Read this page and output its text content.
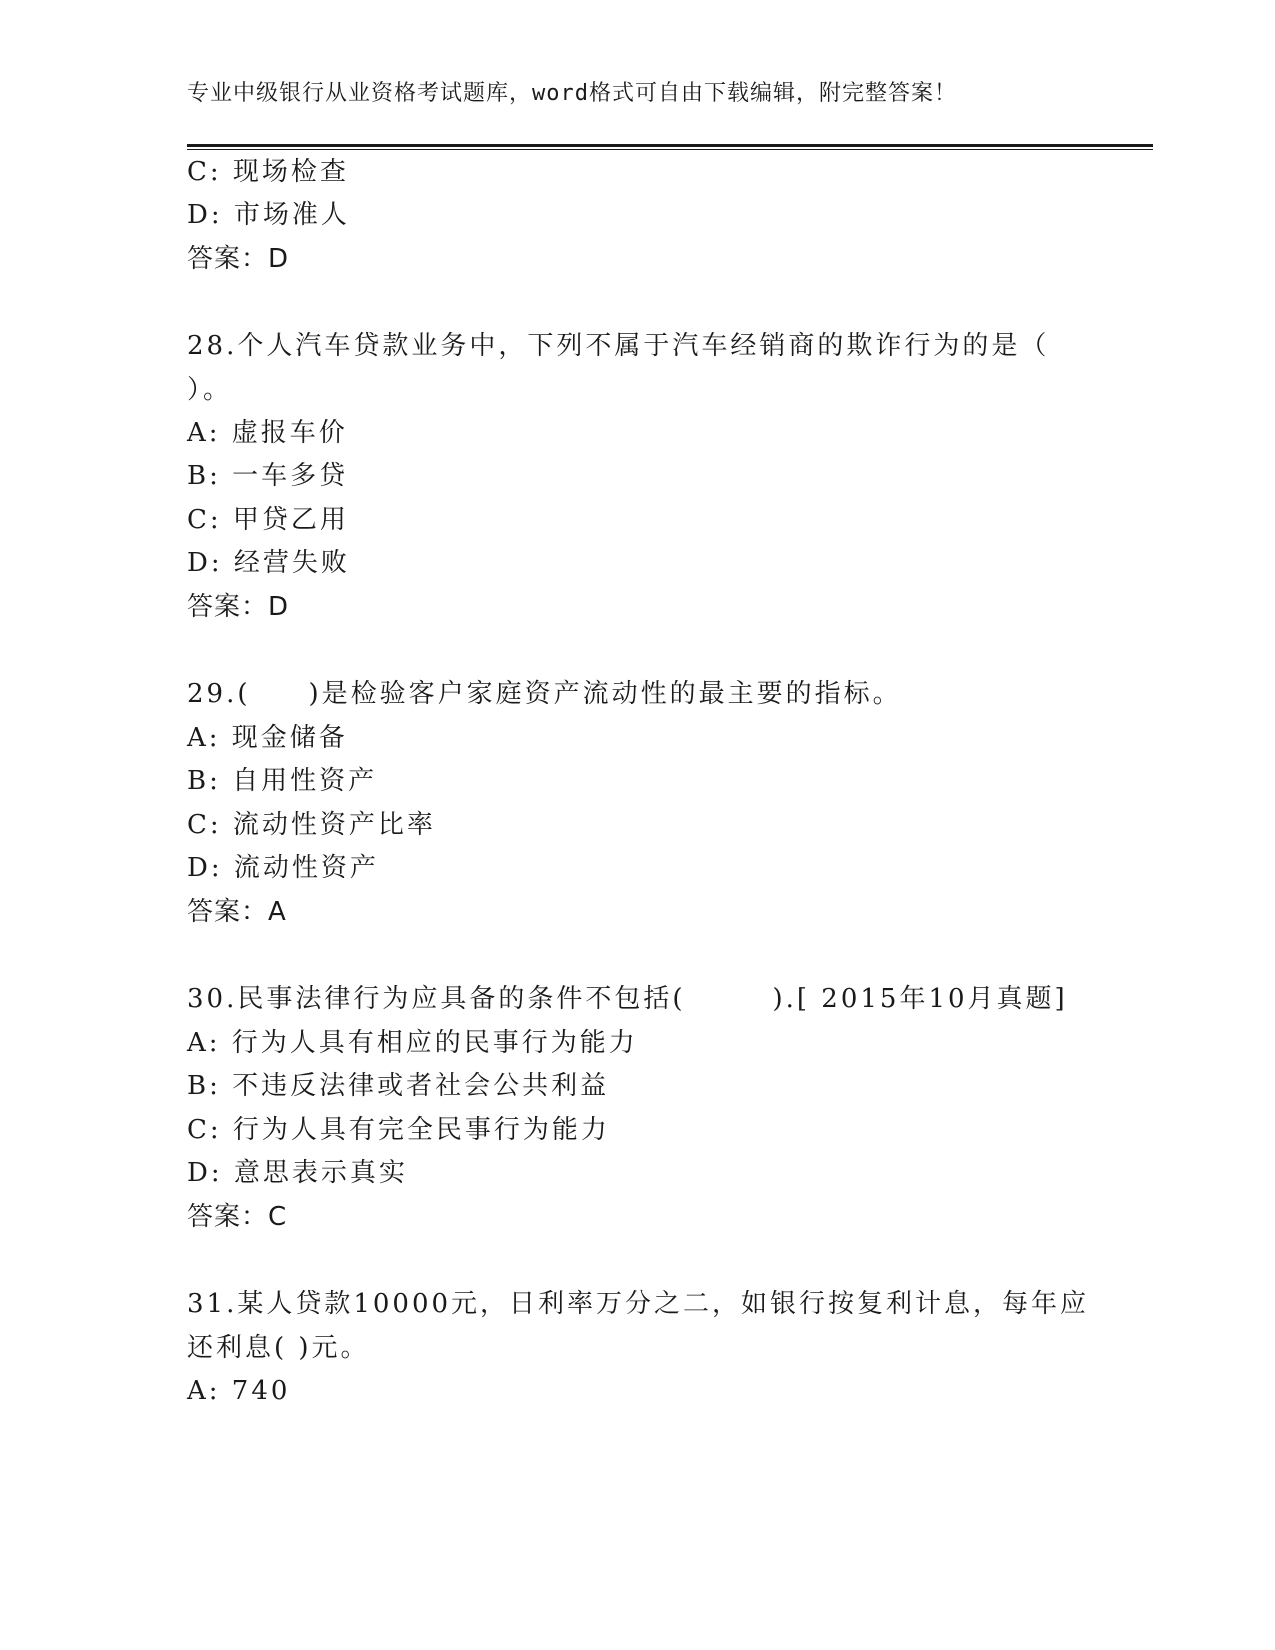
专业中级银行从业资格考试题库，word格式可自由下载编辑，附完整答案！
C: 现场检查
D: 市场准人
答案：D
28.个人汽车贷款业务中，下列不属于汽车经销商的欺诈行为的是（
）。
A: 虚报车价
B: 一车多贷
C: 甲贷乙用
D: 经营失败
答案：D
29.(　　)是检验客户家庭资产流动性的最主要的指标。
A: 现金储备
B: 自用性资产
C: 流动性资产比率
D: 流动性资产
答案：A
30.民事法律行为应具备的条件不包括(　　　).[ 2015年10月真题]
A: 行为人具有相应的民事行为能力
B: 不违反法律或者社会公共利益
C: 行为人具有完全民事行为能力
D: 意思表示真实
答案：C
31.某人贷款10000元，日利率万分之二，如银行按复利计息，每年应
还利息( )元。
A: 740
